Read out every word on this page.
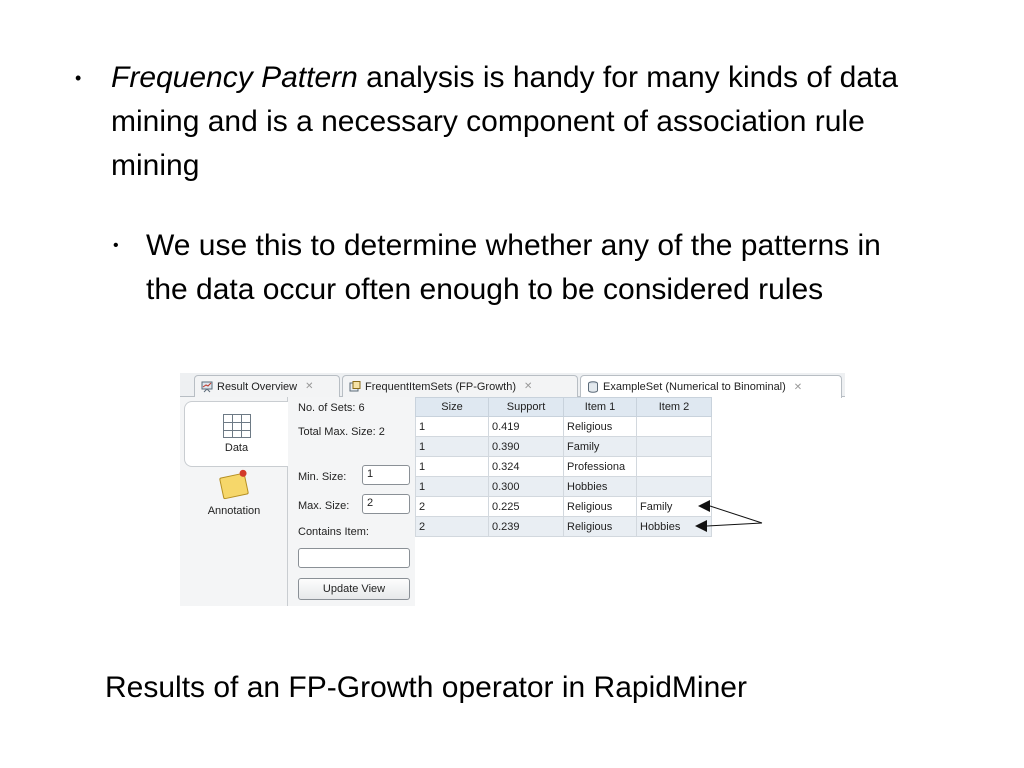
• Frequency Pattern analysis is handy for many kinds of data mining and is a necessary component of association rule mining
• We use this to determine whether any of the patterns in the data occur often enough to be considered rules
Result Overview ✕	FrequentItemSets (FP-Growth) ✕	ExampleSet (Numerical to Binominal) ✕
Data
Annotation
No. of Sets: 6
Total Max. Size: 2
Min. Size:	1
Max. Size:	2
Contains Item:
Update View
Size	Support	Item 1	Item 2
1	0.419	Religious	
1	0.390	Family	
1	0.324	Professiona	
1	0.300	Hobbies	
2	0.225	Religious	Family
2	0.239	Religious	Hobbies
Results of an FP-Growth operator in RapidMiner
